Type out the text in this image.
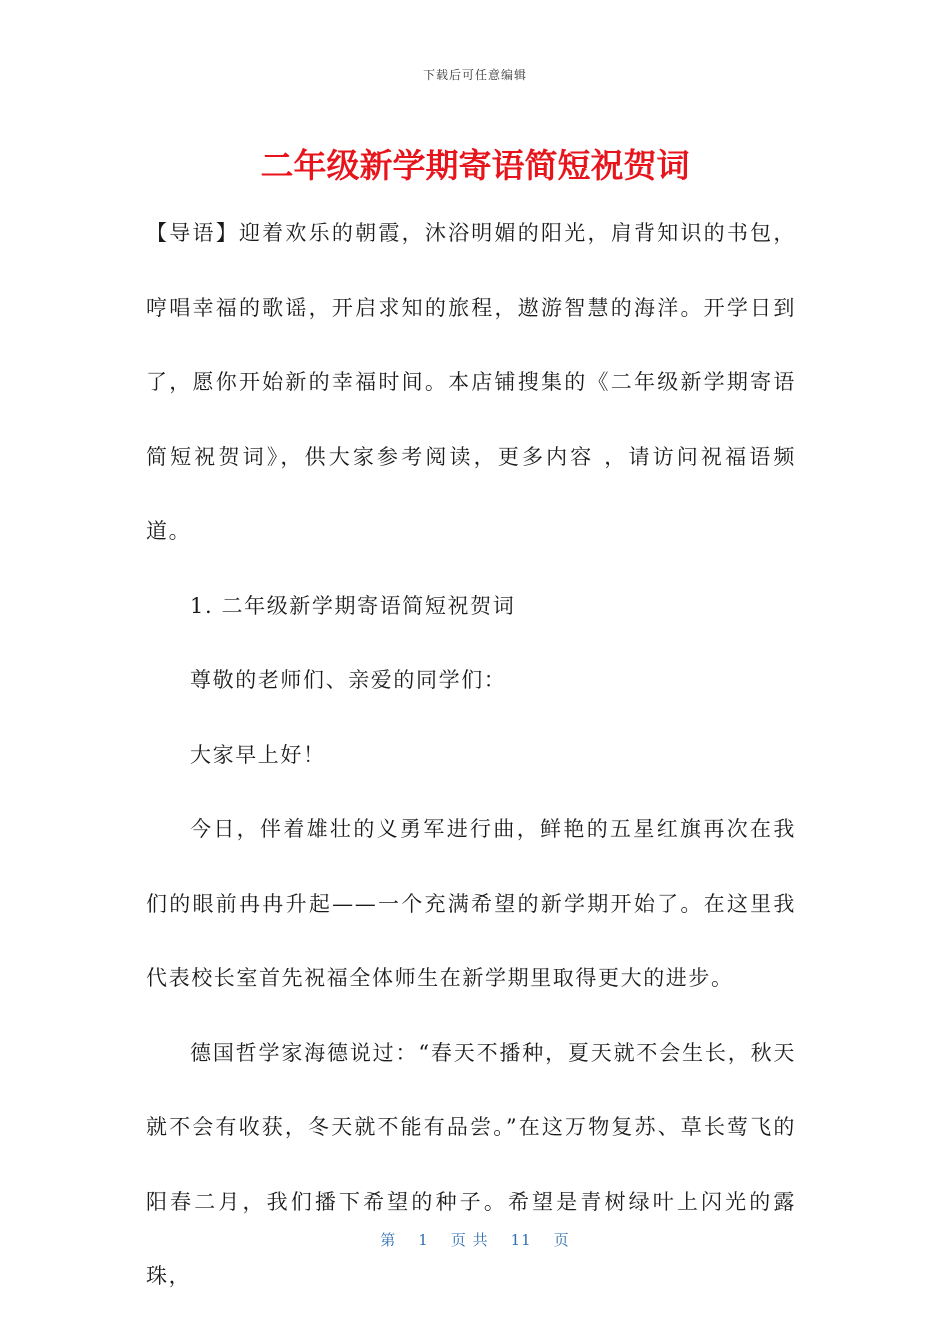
下载后可任意编辑
二年级新学期寄语简短祝贺词

【导语】迎着欢乐的朝霞，沐浴明媚的阳光，肩背知识的书包，哼唱幸福的歌谣，开启求知的旅程，遨游智慧的海洋。开学日到了，愿你开始新的幸福时间。本店铺搜集的《二年级新学期寄语简短祝贺词》，供大家参考阅读，更多内容 ，请访问祝福语频道。

1. 二年级新学期寄语简短祝贺词

尊敬的老师们、亲爱的同学们：

大家早上好！

今日，伴着雄壮的义勇军进行曲，鲜艳的五星红旗再次在我们的眼前冉冉升起——一个充满希望的新学期开始了。在这里我代表校长室首先祝福全体师生在新学期里取得更大的进步。

德国哲学家海德说过：“春天不播种，夏天就不会生长，秋天就不会有收获，冬天就不能有品尝。”在这万物复苏、草长莺飞的阳春二月，我们播下希望的种子。希望是青树绿叶上闪光的露珠，

第 1 页 共 11 页
